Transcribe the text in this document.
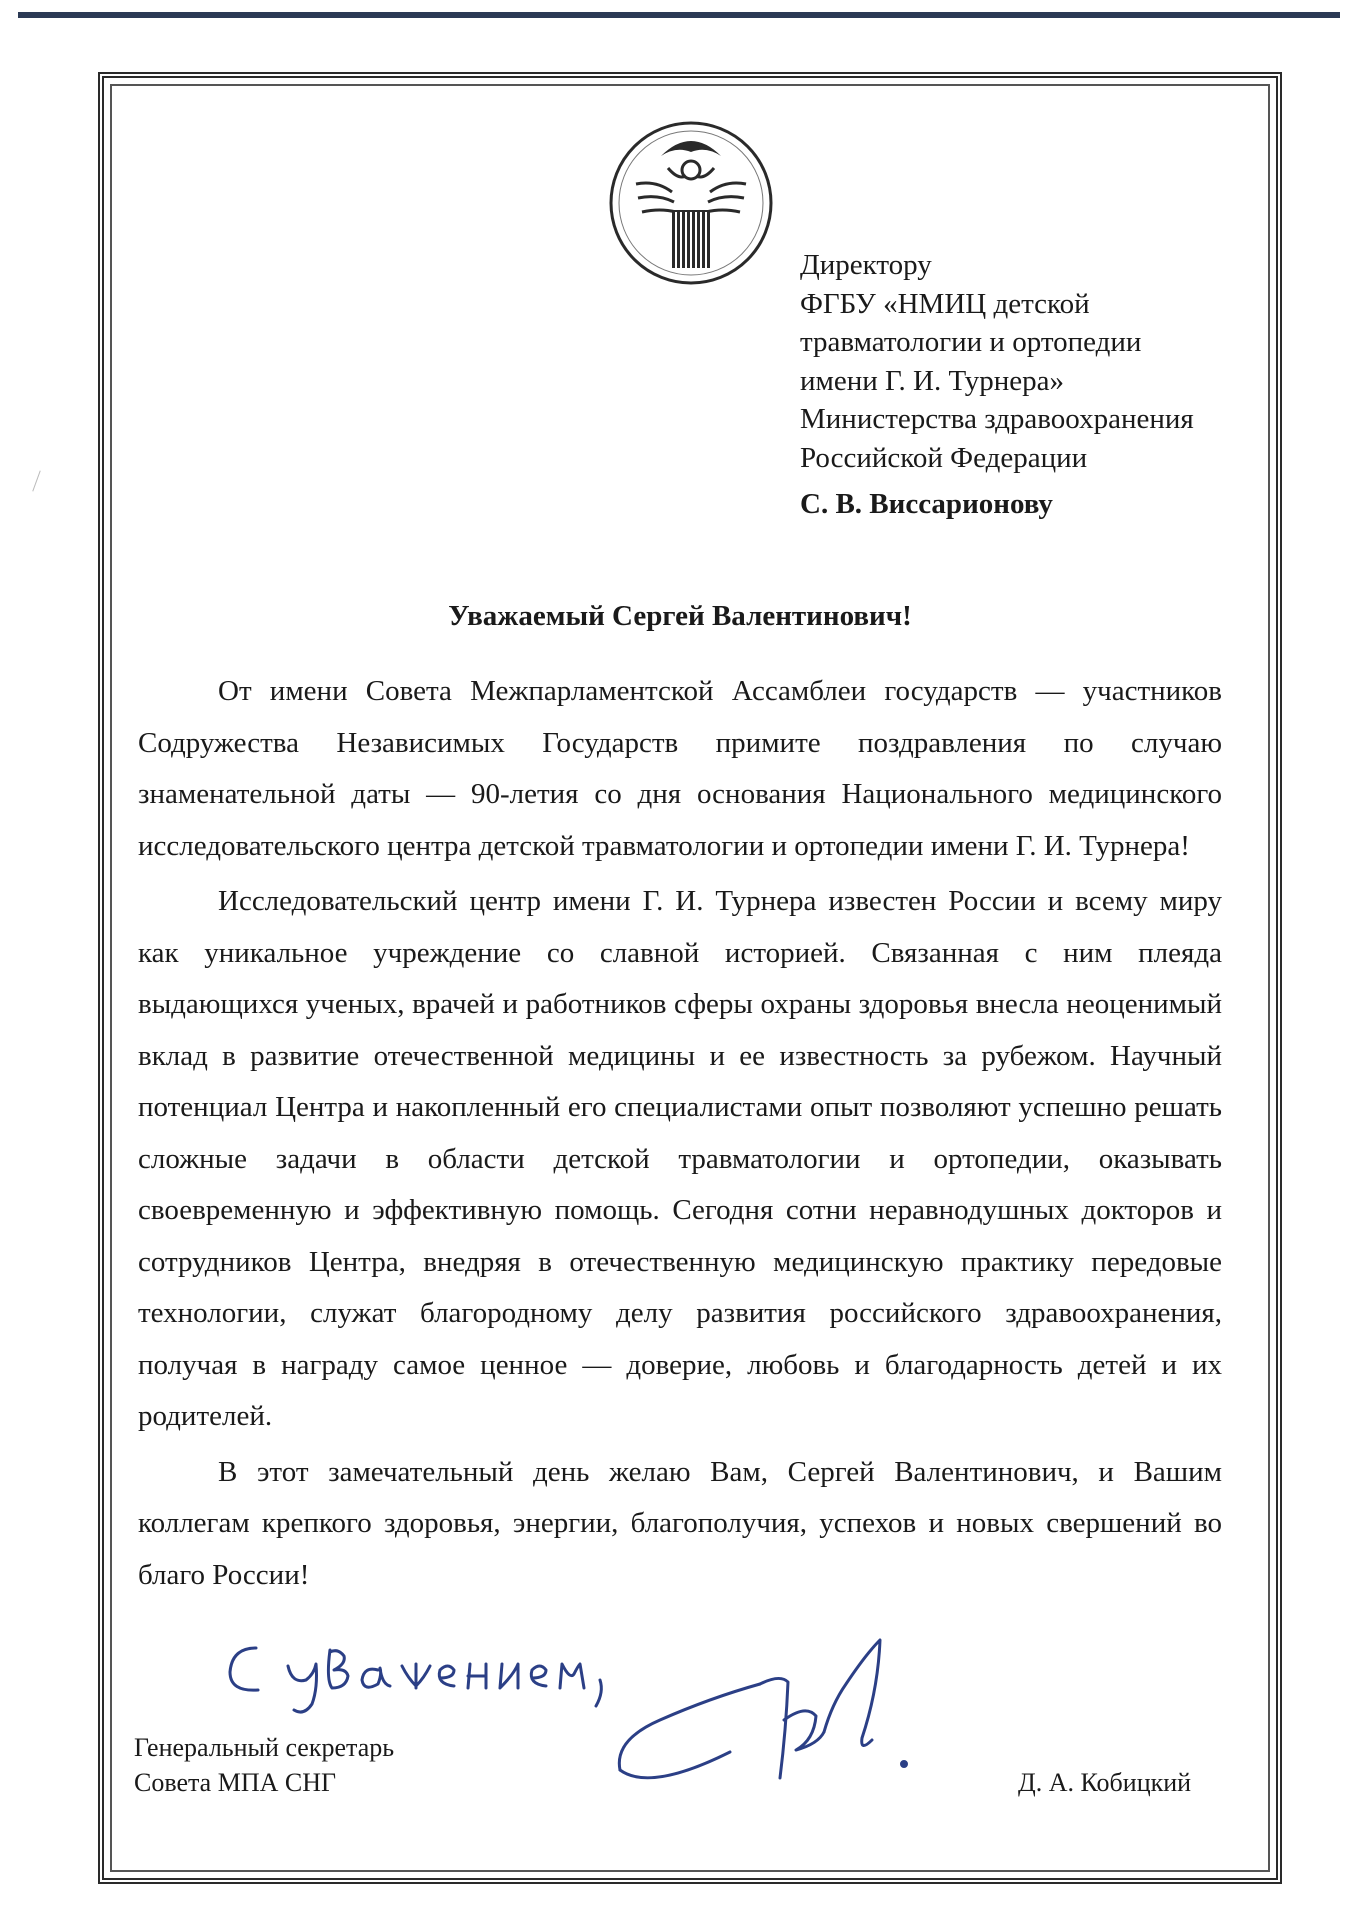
Директору
ФГБУ «НМИЦ детской
травматологии и ортопедии
имени Г. И. Турнера»
Министерства здравоохранения
Российской Федерации
С. В. Виссарионову
Уважаемый Сергей Валентинович!

От имени Совета Межпарламентской Ассамблеи государств — участников Содружества Независимых Государств примите поздравления по случаю знаменательной даты — 90-летия со дня основания Национального медицинского исследовательского центра детской травматологии и ортопедии имени Г. И. Турнера!

Исследовательский центр имени Г. И. Турнера известен России и всему миру как уникальное учреждение со славной историей. Связанная с ним плеяда выдающихся ученых, врачей и работников сферы охраны здоровья внесла неоценимый вклад в развитие отечественной медицины и ее известность за рубежом. Научный потенциал Центра и накопленный его специалистами опыт позволяют успешно решать сложные задачи в области детской травматологии и ортопедии, оказывать своевременную и эффективную помощь. Сегодня сотни неравнодушных докторов и сотрудников Центра, внедряя в отечественную медицинскую практику передовые технологии, служат благородному делу развития российского здравоохранения, получая в награду самое ценное — доверие, любовь и благодарность детей и их родителей.

В этот замечательный день желаю Вам, Сергей Валентинович, и Вашим коллегам крепкого здоровья, энергии, благополучия, успехов и новых свершений во благо России!

Генеральный секретарь
Совета МПА СНГ	Д. А. Кобицкий
